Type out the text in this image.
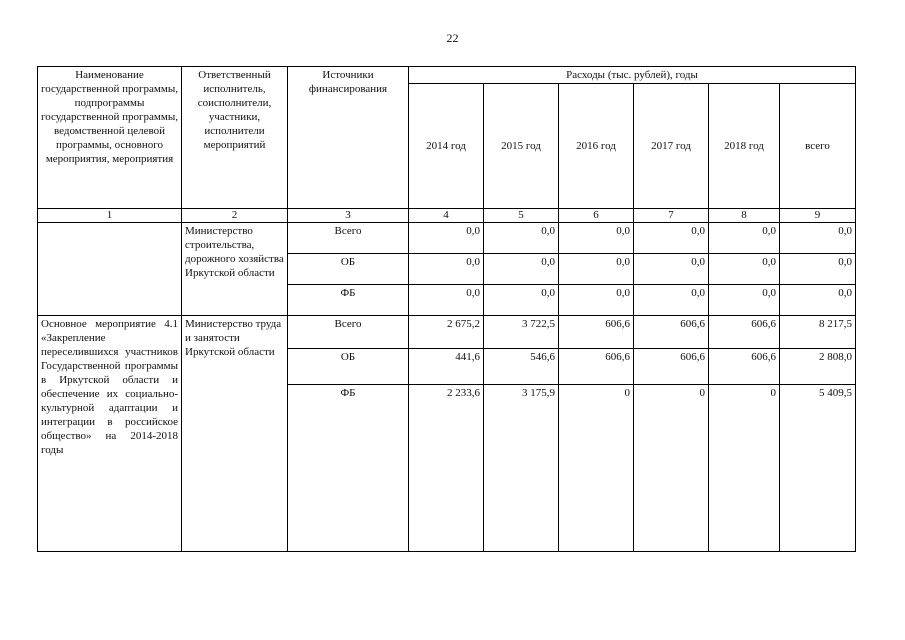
22
Наименование государственной программы, подпрограммы государственной программы, ведомственной целевой программы, основного мероприятия, мероприятия	Ответственный исполнитель, соисполнители, участники, исполнители мероприятий	Источники финансирования	Расходы (тыс. рублей), годы					
			2014 год	2015 год	2016 год	2017 год	2018 год	всего
1	2	3	4	5	6	7	8	9
	Министерство строительства, дорожного хозяйства Иркутской области	Всего	0,0	0,0	0,0	0,0	0,0	0,0
		ОБ	0,0	0,0	0,0	0,0	0,0	0,0
		ФБ	0,0	0,0	0,0	0,0	0,0	0,0
Основное мероприятие 4.1 «Закрепление переселившихся участников Государственной программы в Иркутской области и обеспечение их социально-культурной адаптации и интеграции в российское общество» на 2014-2018 годы	Министерство труда и занятости Иркутской области	Всего	2 675,2	3 722,5	606,6	606,6	606,6	8 217,5
		ОБ	441,6	546,6	606,6	606,6	606,6	2 808,0
		ФБ	2 233,6	3 175,9	0	0	0	5 409,5
